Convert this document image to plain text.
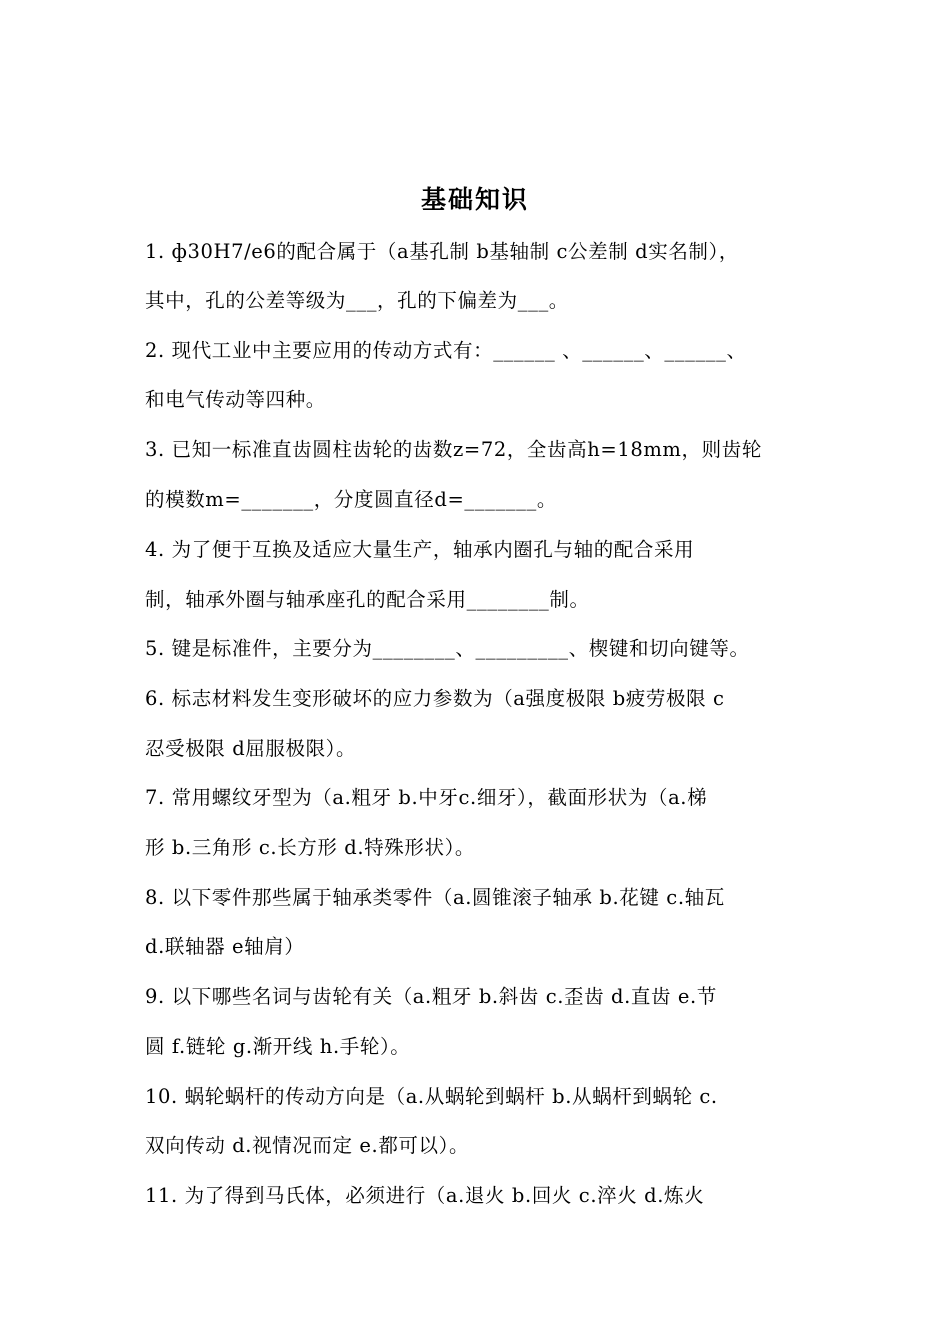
基础知识
1. ф30H7/e6的配合属于（a基孔制 b基轴制 c公差制 d实名制），
其中，孔的公差等级为___，孔的下偏差为___。
2. 现代工业中主要应用的传动方式有：______ 、______、______、
和电气传动等四种。
3. 已知一标准直齿圆柱齿轮的齿数z=72，全齿高h=18mm，则齿轮
的模数m=_______，分度圆直径d=_______。
4. 为了便于互换及适应大量生产，轴承内圈孔与轴的配合采用
制，轴承外圈与轴承座孔的配合采用________制。
5. 键是标准件，主要分为________、_________、楔键和切向键等。
6. 标志材料发生变形破坏的应力参数为（a强度极限 b疲劳极限 c
忍受极限 d屈服极限）。
7. 常用螺纹牙型为（a.粗牙 b.中牙c.细牙），截面形状为（a.梯
形 b.三角形 c.长方形 d.特殊形状）。
8. 以下零件那些属于轴承类零件（a.圆锥滚子轴承 b.花键 c.轴瓦
d.联轴器 e轴肩）
9. 以下哪些名词与齿轮有关（a.粗牙 b.斜齿 c.歪齿 d.直齿 e.节
圆 f.链轮 g.渐开线 h.手轮）。
10. 蜗轮蜗杆的传动方向是（a.从蜗轮到蜗杆 b.从蜗杆到蜗轮 c.
双向传动 d.视情况而定 e.都可以）。
11. 为了得到马氏体，必须进行（a.退火 b.回火 c.淬火 d.炼火
